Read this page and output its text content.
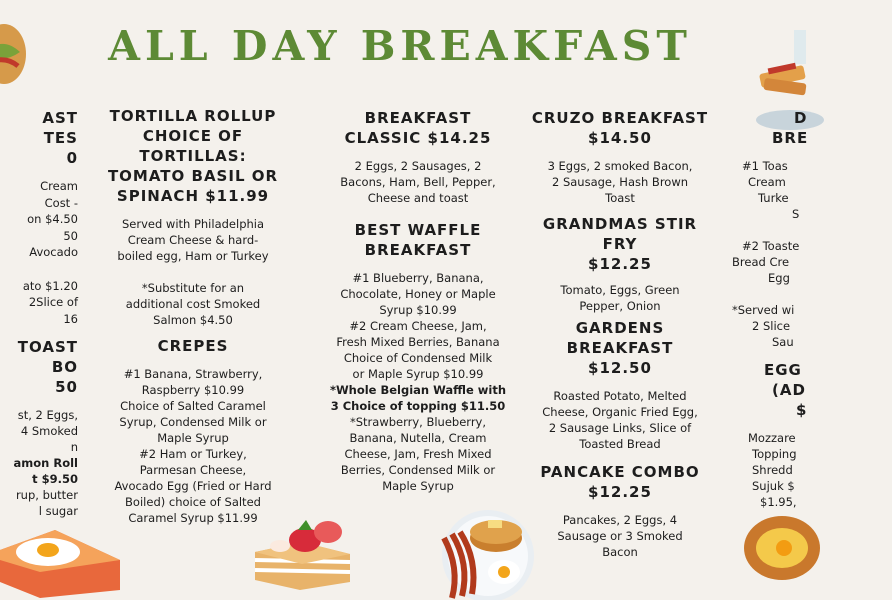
ALL DAY BREAKFAST
AST
TES
0
Cream
Cost -
on $4.50
50
Avocado

ato $1.20
2Slice of
16
TOAST
BO
50
st, 2 Eggs,
4 Smoked
n
amon Roll
t $9.50
rup, butter
l sugar
TORTILLA ROLLUP
CHOICE OF
TORTILLAS:
TOMATO BASIL OR
SPINACH $11.99
Served with Philadelphia
Cream Cheese & hard-
boiled egg, Ham or Turkey

*Substitute for an
additional cost Smoked
Salmon $4.50
CREPES
#1 Banana, Strawberry,
Raspberry $10.99
Choice of Salted Caramel
Syrup, Condensed Milk or
Maple Syrup
#2 Ham or Turkey,
Parmesan Cheese,
Avocado Egg (Fried or Hard
Boiled) choice of Salted
Caramel Syrup $11.99
BREAKFAST
CLASSIC $14.25
2 Eggs, 2 Sausages, 2
Bacons, Ham, Bell, Pepper,
Cheese and toast
BEST WAFFLE
BREAKFAST
#1 Blueberry, Banana,
Chocolate, Honey or Maple
Syrup $10.99
#2 Cream Cheese, Jam,
Fresh Mixed Berries, Banana
Choice of Condensed Milk
or Maple Syrup $10.99
*Whole Belgian Waffle with
3 Choice of topping $11.50
*Strawberry, Blueberry,
Banana, Nutella, Cream
Cheese, Jam, Fresh Mixed
Berries, Condensed Milk or
Maple Syrup
CRUZO BREAKFAST
$14.50
3 Eggs, 2 smoked Bacon,
2 Sausage, Hash Brown
Toast
GRANDMAS STIR
FRY
$12.25
Tomato, Eggs, Green
Pepper, Onion
GARDENS
BREAKFAST
$12.50
Roasted Potato, Melted
Cheese, Organic Fried Egg,
2 Sausage Links, Slice of
Toasted Bread
PANCAKE COMBO
$12.25
Pancakes, 2 Eggs, 4
Sausage or 3 Smoked
Bacon
D
BRE
#1 Toas
Cream
Turke
S

#2 Toaste
Bread Cre
Egg

*Served wi
2 Slice
Sau
EGG
(AD
$
Mozzare
Topping
Shredd
Sujuk $
$1.95,
